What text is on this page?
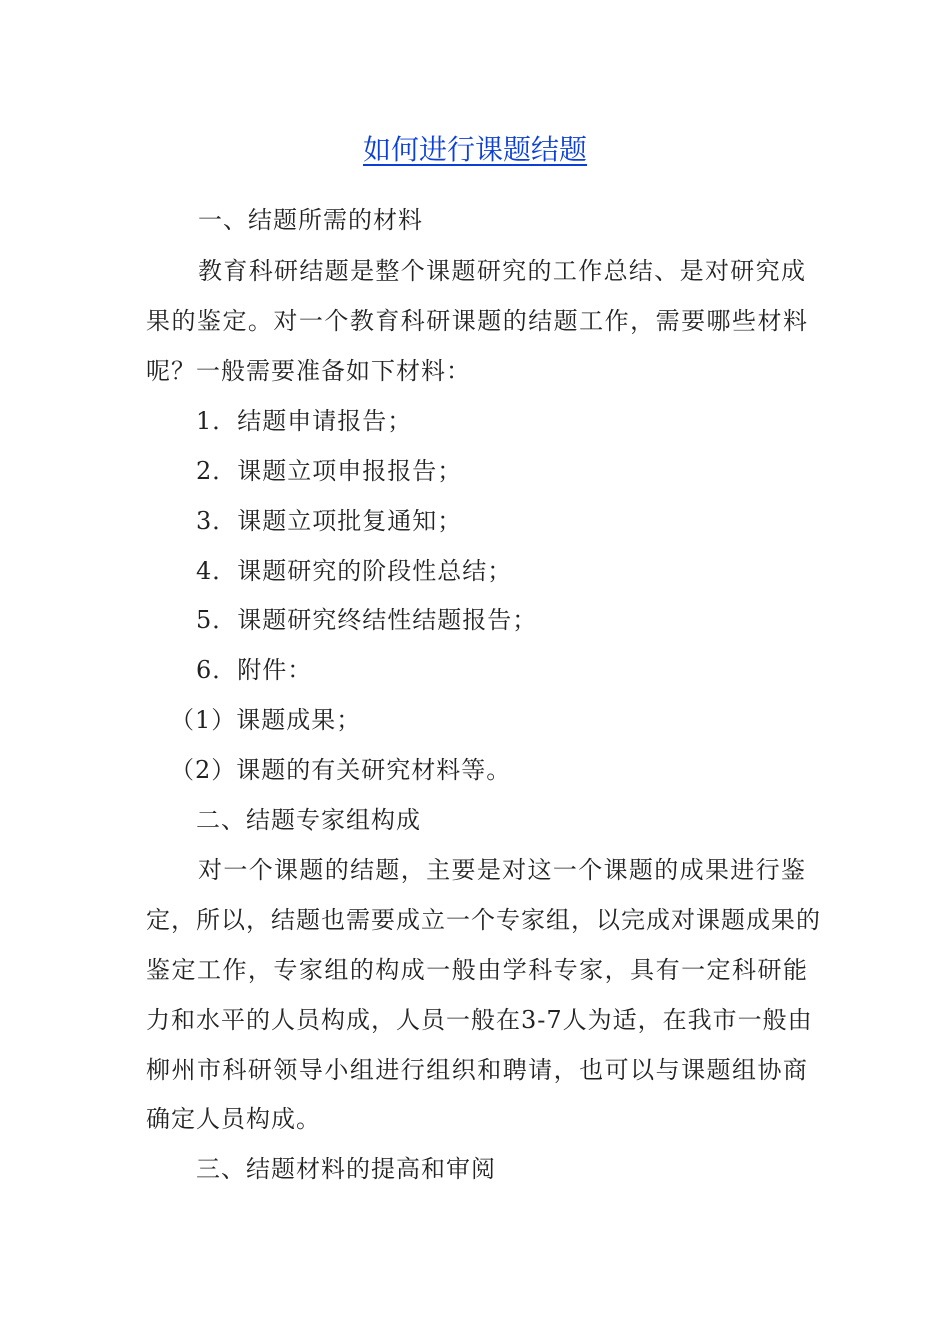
如何进行课题结题
一、结题所需的材料
教育科研结题是整个课题研究的工作总结、是对研究成
果的鉴定。对一个教育科研课题的结题工作，需要哪些材料
呢？一般需要准备如下材料：
1．结题申请报告；
2．课题立项申报报告；
3．课题立项批复通知；
4．课题研究的阶段性总结；
5．课题研究终结性结题报告；
6．附件：
（1）课题成果；
（2）课题的有关研究材料等。
二、结题专家组构成
对一个课题的结题，主要是对这一个课题的成果进行鉴
定，所以，结题也需要成立一个专家组，以完成对课题成果的
鉴定工作，专家组的构成一般由学科专家，具有一定科研能
力和水平的人员构成，人员一般在3-7人为适，在我市一般由
柳州市科研领导小组进行组织和聘请，也可以与课题组协商
确定人员构成。
三、结题材料的提高和审阅
